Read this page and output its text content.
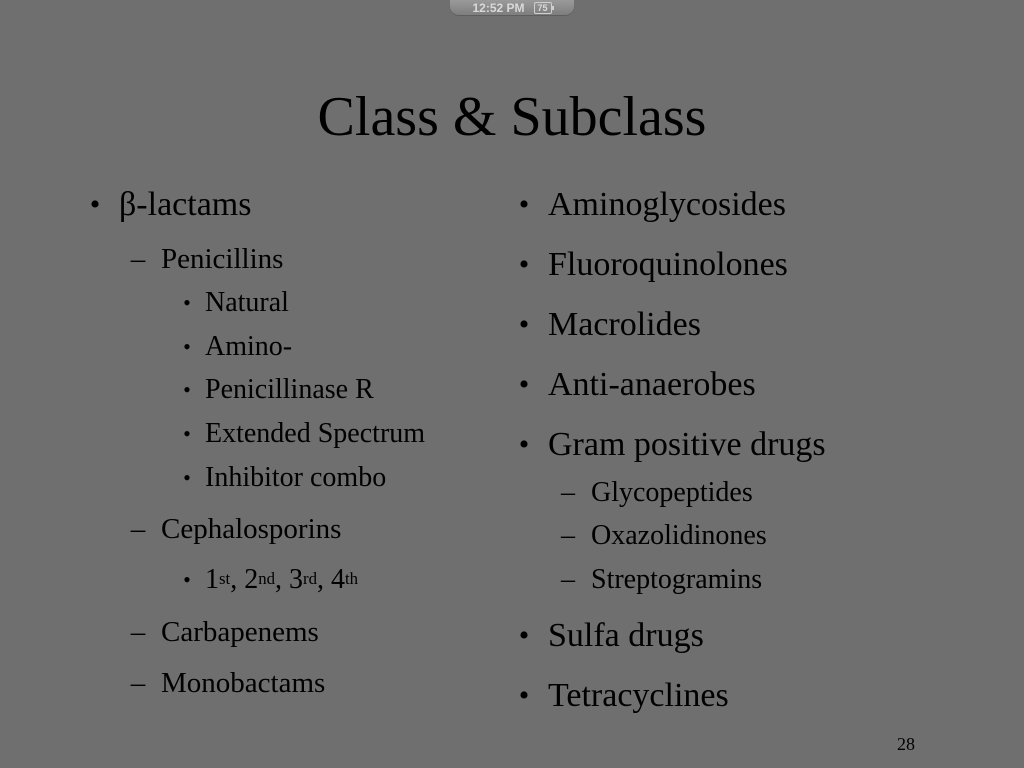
12:52 PM	75
Class & Subclass
• β-lactams
– Penicillins
• Natural
• Amino-
• Penicillinase R
• Extended Spectrum
• Inhibitor combo
– Cephalosporins
• 1st, 2nd, 3rd, 4th
– Carbapenems
– Monobactams
• Aminoglycosides
• Fluoroquinolones
• Macrolides
• Anti-anaerobes
• Gram positive drugs
– Glycopeptides
– Oxazolidinones
– Streptogramins
• Sulfa drugs
• Tetracyclines
28
